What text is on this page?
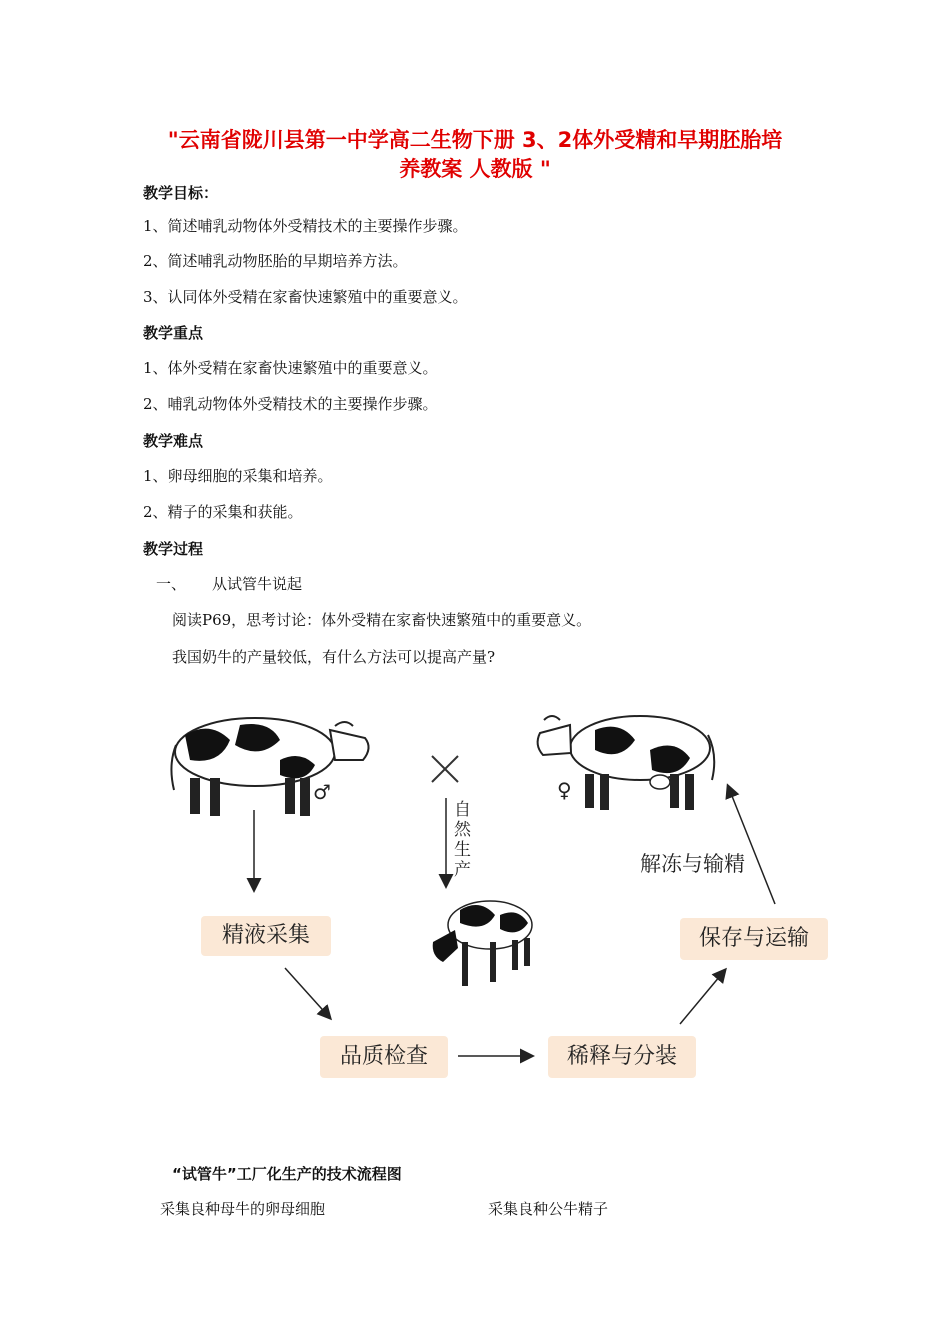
"云南省陇川县第一中学高二生物下册 3、2体外受精和早期胚胎培
养教案 人教版 "
教学目标：
1、简述哺乳动物体外受精技术的主要操作步骤。
2、简述哺乳动物胚胎的早期培养方法。
3、认同体外受精在家畜快速繁殖中的重要意义。
教学重点
1、体外受精在家畜快速繁殖中的重要意义。
2、哺乳动物体外受精技术的主要操作步骤。
教学难点
1、卵母细胞的采集和培养。
2、精子的采集和获能。
教学过程
一、 从试管牛说起
阅读P69，思考讨论：体外受精在家畜快速繁殖中的重要意义。
我国奶牛的产量较低，有什么方法可以提高产量?
♂	♀
自然生产	解冻与输精
精液采集
品质检查	稀释与分装
保存与运输
“试管牛”工厂化生产的技术流程图
采集良种母牛的卵母细胞	采集良种公牛精子
